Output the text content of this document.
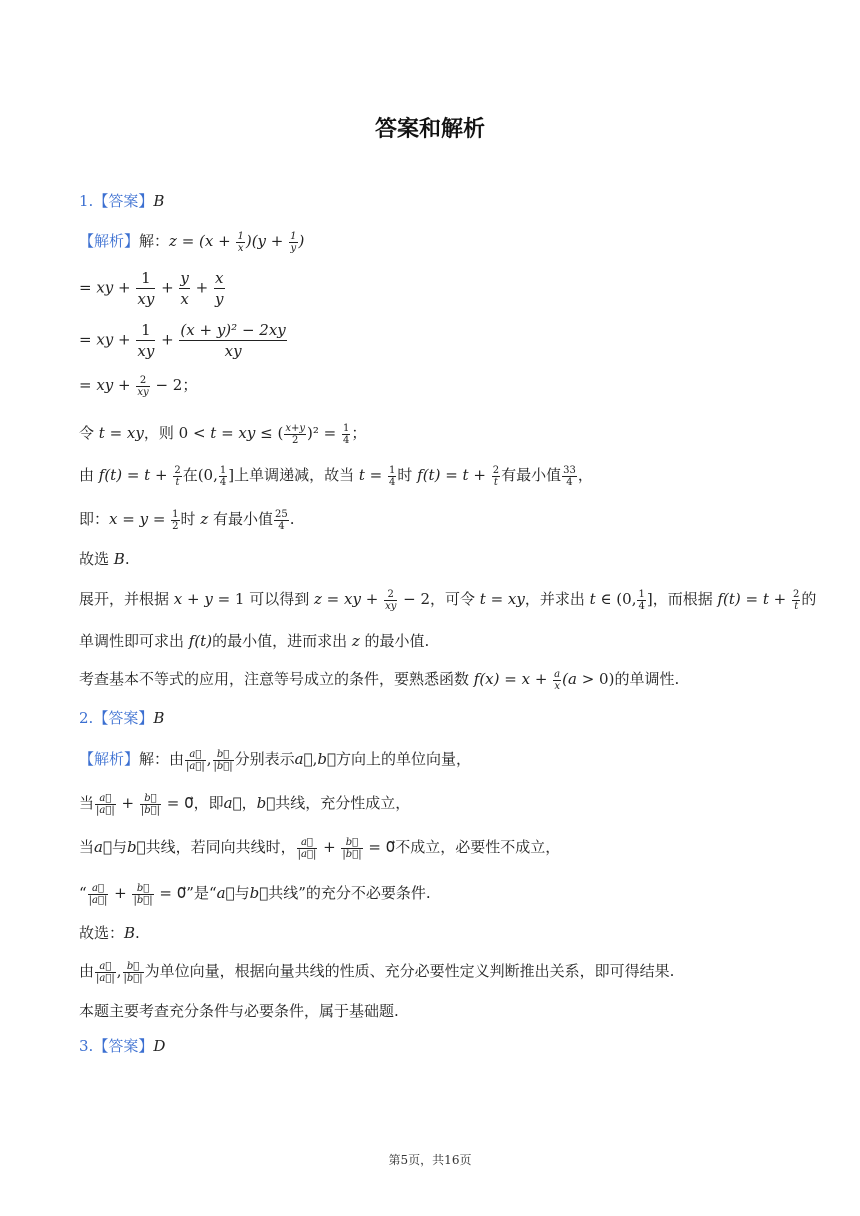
答案和解析
1.【答案】B
【解析】解：$z = (x + \frac{1}{x} )(y + \frac{1}{y}$ )
= xy + $\frac{1}{xy} + \frac{y}{x} + \frac{x}{y}$
= xy + $\frac{1}{xy} + \frac{\text{(x + y)² − 2xy}}{xy}$
= xy + $\frac{2}{xy} - 2$；
令 t = xy，则 0 < t = xy ≤ ( $\frac{x+y}{2} )^2 = \frac{1}{4}$ ；
由 $f(t) = t + \frac{2}{t}$ 在(0, $\frac{1}{4}$ ]上单调递减，故当 $t = \frac{1}{4}$ 时 $f(t) = t + \frac{2}{t}$ 有最小值 $\frac{33}{4}$ ，
即：$x = y = \frac{1}{2}$ 时 z 有最小值 $\frac{25}{4}$ .
故选 B.
展开，并根据 x + y = 1 可以得到 z = xy + $\frac{2}{xy} - 2$，可令 t = xy，并求出 t ∈ (0, $\frac{1}{4}$ ]，而根据 $f(t) = t + \frac{2}{t}$ 的
单调性即可求出 f(t)的最小值，进而求出 z 的最小值.
考查基本不等式的应用，注意等号成立的条件，要熟悉函数 $f(x) = x + \frac{a}{x} (a > 0)$的单调性.
2.【答案】B
【解析】解：由 $\frac{a⃗}{|a⃗|}$ , $\frac{b⃗}{|b⃗|}$ 分别表示a⃗,b⃗方向上的单位向量，
当 $\frac{a⃗}{|a⃗|} + \frac{b⃗}{|b⃗|}$ = 0⃗，即a⃗，b⃗共线，充分性成立，
当a⃗与b⃗共线，若同向共线时， $\frac{a⃗}{|a⃗|} + \frac{b⃗}{|b⃗|}$ = 0⃗不成立，必要性不成立，
“ $\frac{a⃗}{|a⃗|} + \frac{b⃗}{|b⃗|}$ = 0⃗”是“a⃗与b⃗共线”的充分不必要条件.
故选：B.
由 $\frac{a⃗}{|a⃗|}$ , $\frac{b⃗}{|b⃗|}$ 为单位向量，根据向量共线的性质、充分必要性定义判断推出关系，即可得结果.
本题主要考查充分条件与必要条件，属于基础题.
3.【答案】D
第5页，共16页
